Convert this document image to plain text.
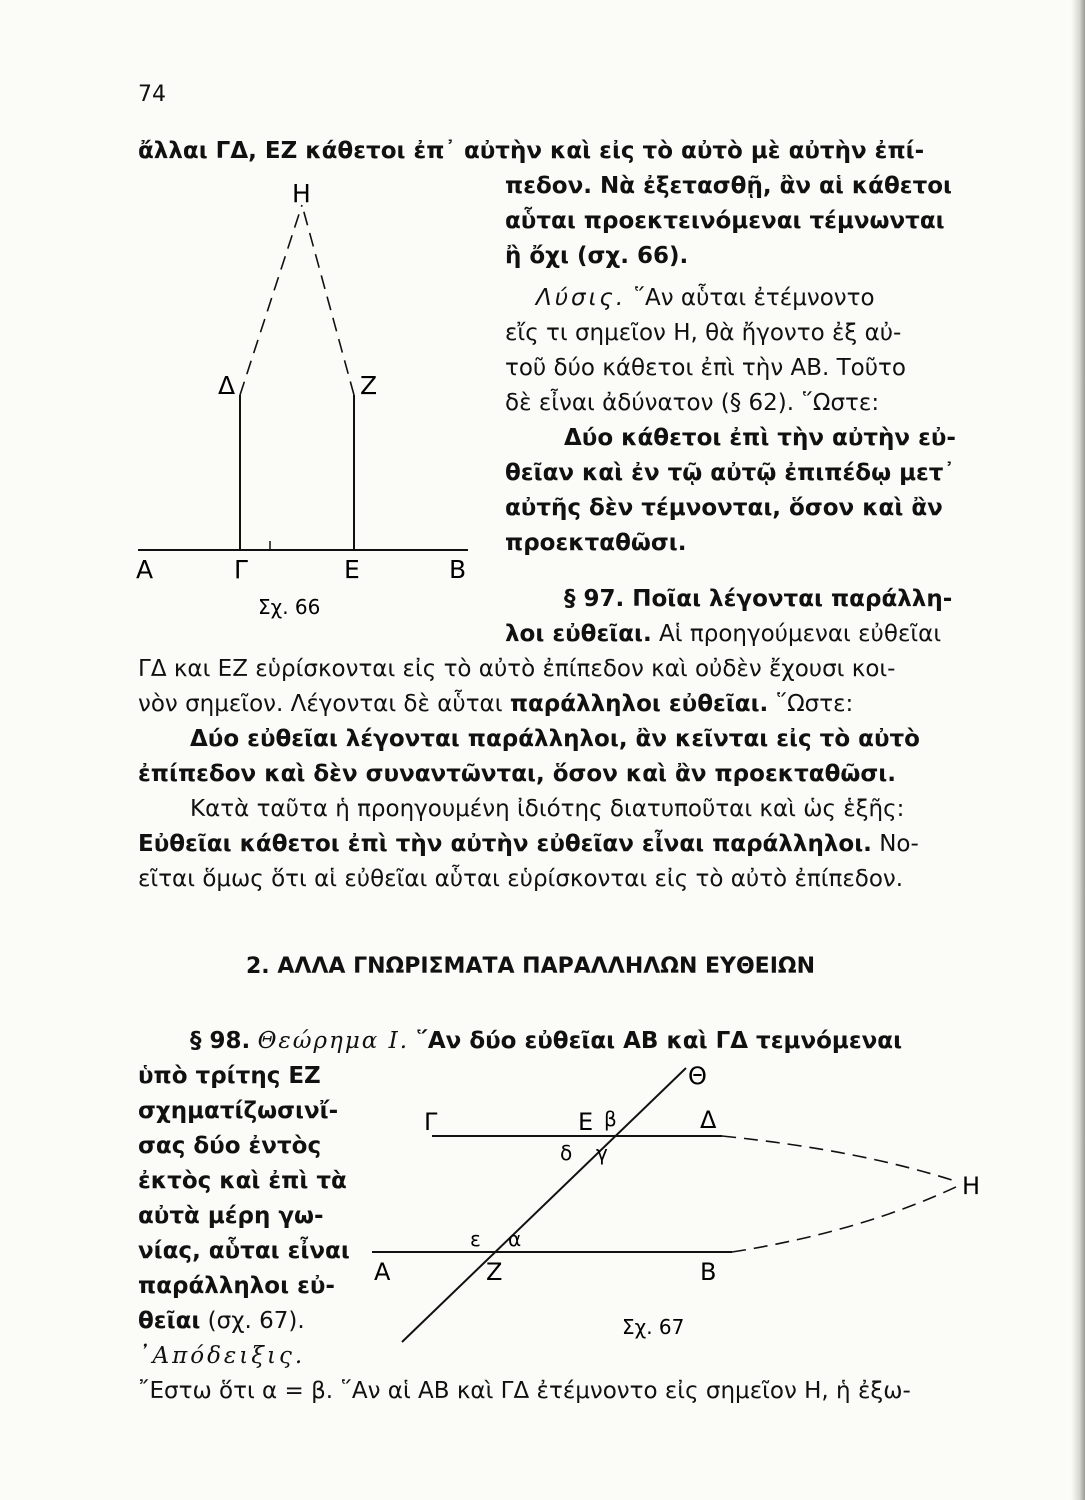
74
Η
Δ	Ζ
Α	Γ	Ε	Β
Σχ. 66
Θ
Γ	Ε β	Δ
δ γ
Η
ε α
Α	Ζ	Β
Σχ. 67
ἄλλαι ΓΔ, ΕΖ κάθετοι ἐπ᾽ αὐτὴν καὶ εἰς τὸ αὐτὸ μὲ αὐτὴν ἐπί-
πεδον. Νὰ ἐξετασθῇ, ἂν αἱ κάθετοι
αὗται προεκτεινόμεναι τέμνωνται
ἢ ὄχι (σχ. 66).
Λύσις. ῞Αν αὗται ἐτέμνοντο
εἴς τι σημεῖον Η, θὰ ἤγοντο ἐξ αὐ-
τοῦ δύο κάθετοι ἐπὶ τὴν ΑΒ. Τοῦτο
δὲ εἶναι ἀδύνατον (§ 62). ῞Ωστε:
Δύο κάθετοι ἐπὶ τὴν αὐτὴν εὐ-
θεῖαν καὶ ἐν τῷ αὐτῷ ἐπιπέδῳ μετ᾽
αὐτῆς δὲν τέμνονται, ὅσον καὶ ἂν
προεκταθῶσι.
§ 97. Ποῖαι λέγονται παράλλη-
λοι εὐθεῖαι. Αἱ προηγούμεναι εὐθεῖαι
ΓΔ και ΕΖ εὑρίσκονται εἰς τὸ αὐτὸ ἐπίπεδον καὶ οὐδὲν ἔχουσι κοι-
νὸν σημεῖον. Λέγονται δὲ αὗται παράλληλοι εὐθεῖαι. ῞Ωστε:
Δύο εὐθεῖαι λέγονται παράλληλοι, ἂν κεῖνται εἰς τὸ αὐτὸ
ἐπίπεδον καὶ δὲν συναντῶνται, ὅσον καὶ ἂν προεκταθῶσι.
Κατὰ ταῦτα ἡ προηγουμένη ἰδιότης διατυποῦται καὶ ὡς ἑξῆς:
Εὐθεῖαι κάθετοι ἐπὶ τὴν αὐτὴν εὐθεῖαν εἶναι παράλληλοι. Νο-
εῖται ὅμως ὅτι αἱ εὐθεῖαι αὗται εὑρίσκονται εἰς τὸ αὐτὸ ἐπίπεδον.
2. ΑΛΛΑ ΓΝΩΡΙΣΜΑΤΑ ΠΑΡΑΛΛΗΛΩΝ ΕΥΘΕΙΩΝ
§ 98. Θεώρημα Ι. ῞Αν δύο εὐθεῖαι ΑΒ καὶ ΓΔ τεμνόμεναι
ὑπὸ τρίτης ΕΖ
σχηματίζωσινἴ-
σας δύο ἐντὸς
ἐκτὸς καὶ ἐπὶ τὰ
αὐτὰ μέρη γω-
νίας, αὗται εἶναι
παράλληλοι εὐ-
θεῖαι (σχ. 67).
᾿Απόδειξις.
῎Εστω ὅτι α = β. ῞Αν αἱ ΑΒ καὶ ΓΔ ἐτέμνοντο εἰς σημεῖον Η, ἡ ἐξω-
